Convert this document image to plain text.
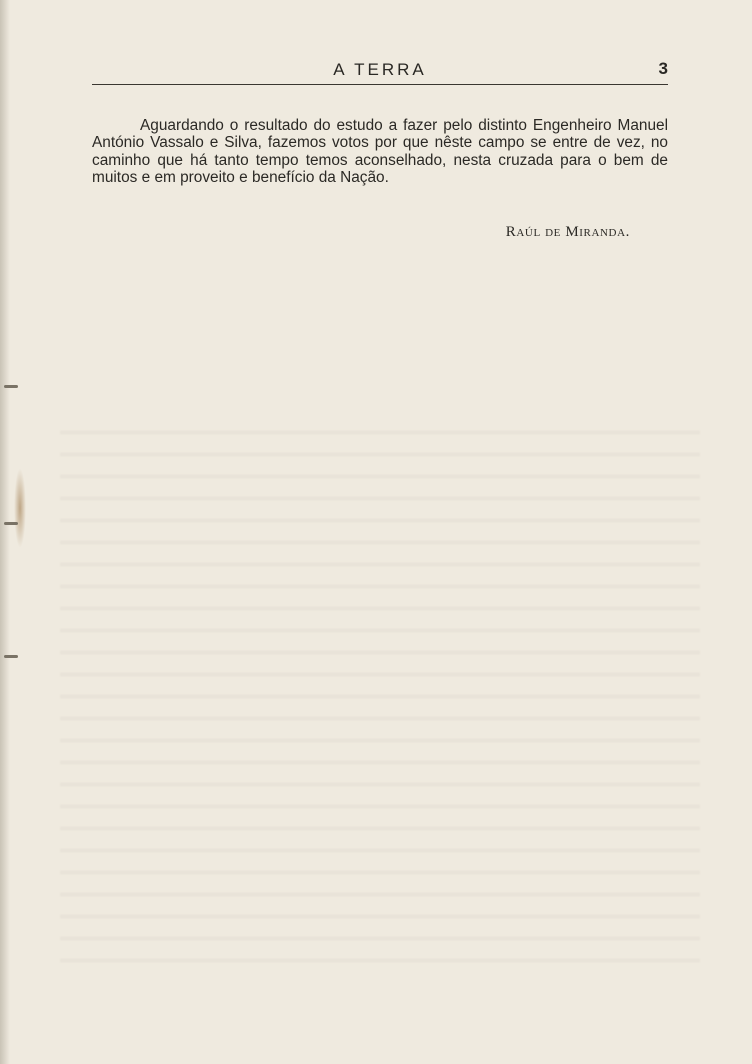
A TERRA	3

Aguardando o resultado do estudo a fazer pelo distinto Engenheiro Manuel António Vassalo e Silva, fazemos votos por que nêste campo se entre de vez, no caminho que há tanto tempo temos aconselhado, nesta cruzada para o bem de muitos e em proveito e benefício da Nação.

Raúl de Miranda.
